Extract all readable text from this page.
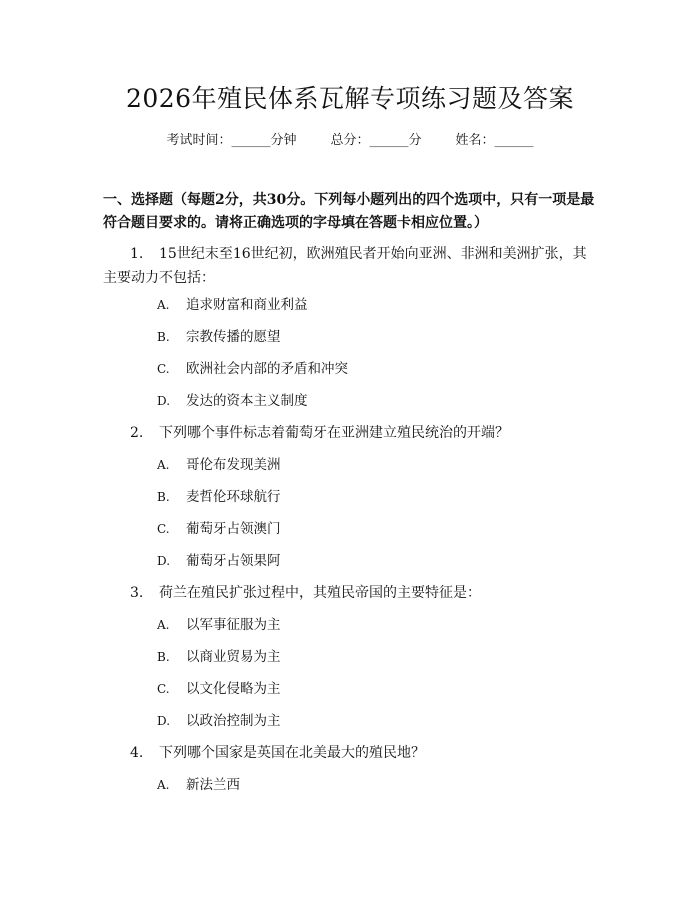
2026年殖民体系瓦解专项练习题及答案
考试时间：______分钟	总分：______分	姓名：______
一、选择题（每题2分，共30分。下列每小题列出的四个选项中，只有一项是最符合题目要求的。请将正确选项的字母填在答题卡相应位置。）
1. 15世纪末至16世纪初，欧洲殖民者开始向亚洲、非洲和美洲扩张，其主要动力不包括：
A. 追求财富和商业利益
B. 宗教传播的愿望
C. 欧洲社会内部的矛盾和冲突
D. 发达的资本主义制度
2. 下列哪个事件标志着葡萄牙在亚洲建立殖民统治的开端？
A. 哥伦布发现美洲
B. 麦哲伦环球航行
C. 葡萄牙占领澳门
D. 葡萄牙占领果阿
3. 荷兰在殖民扩张过程中，其殖民帝国的主要特征是：
A. 以军事征服为主
B. 以商业贸易为主
C. 以文化侵略为主
D. 以政治控制为主
4. 下列哪个国家是英国在北美最大的殖民地？
A. 新法兰西
